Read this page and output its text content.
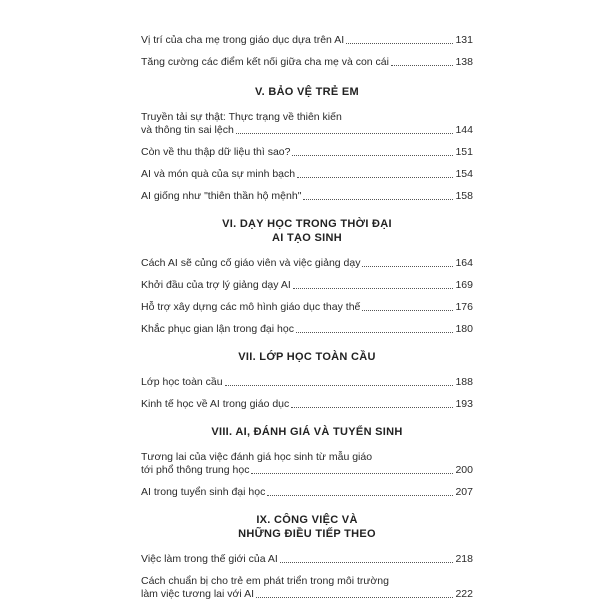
Vị trí của cha mẹ trong giáo dục dựa trên AI	131
Tăng cường các điểm kết nối giữa cha mẹ và con cái	138
V. BẢO VỆ TRẺ EM
Truyền tải sự thật: Thực trạng về thiên kiến
và thông tin sai lệch	144
Còn về thu thập dữ liệu thì sao?	151
AI và món quà của sự minh bạch	154
AI giống như "thiên thần hộ mệnh"	158
VI. DẠY HỌC TRONG THỜI ĐẠI
AI TẠO SINH
Cách AI sẽ củng cố giáo viên và việc giảng dạy	164
Khởi đầu của trợ lý giảng dạy AI	169
Hỗ trợ xây dựng các mô hình giáo dục thay thế	176
Khắc phục gian lận trong đại học	180
VII. LỚP HỌC TOÀN CẦU
Lớp học toàn cầu	188
Kinh tế học về AI trong giáo dục	193
VIII. AI, ĐÁNH GIÁ VÀ TUYỂN SINH
Tương lai của việc đánh giá học sinh từ mẫu giáo
tới phổ thông trung học	200
AI trong tuyển sinh đại học	207
IX. CÔNG VIỆC VÀ
NHỮNG ĐIỀU TIẾP THEO
Việc làm trong thế giới của AI	218
Cách chuẩn bị cho trẻ em phát triển trong môi trường
làm việc tương lai với AI	222
